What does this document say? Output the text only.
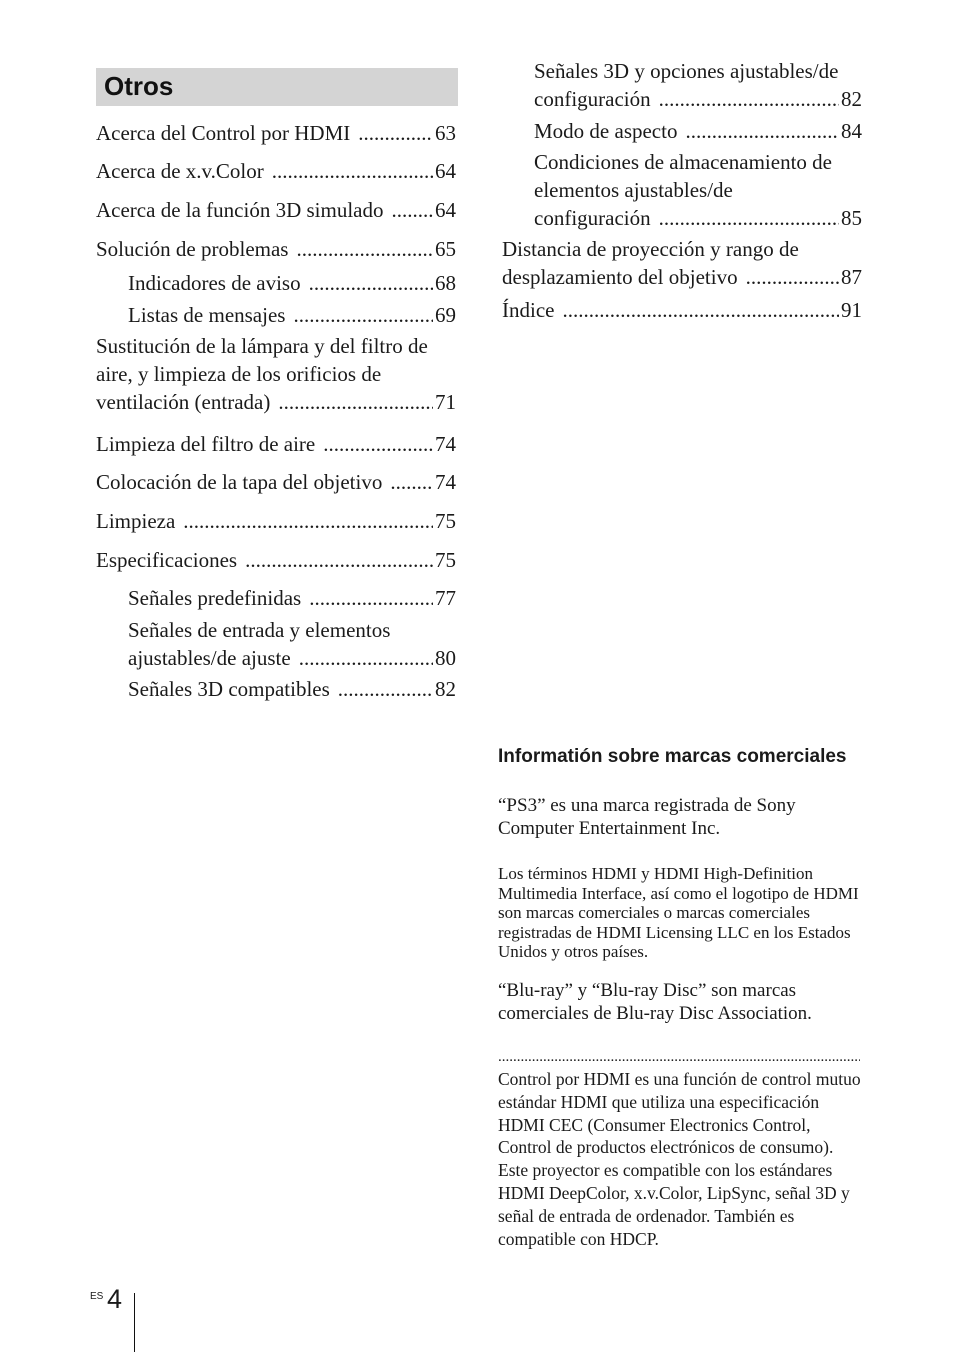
Otros
Acerca del Control por HDMI .....	63
Acerca de x.v.Color .....	64
Acerca de la función 3D simulado ..... 64
Solución de problemas .....	65
Indicadores de aviso .....	68
Listas de mensajes .....	69
Sustitución de la lámpara y del filtro de
aire, y limpieza de los orificios de
ventilación (entrada) .....	71
Limpieza del filtro de aire .....	74
Colocación de la tapa del objetivo .....	74
Limpieza .....	75
Especificaciones .....	75
Señales predefinidas .....	77
Señales de entrada y elementos
ajustables/de ajuste .....	80
Señales 3D compatibles .....	82
Señales 3D y opciones ajustables/de
configuración .....	82
Modo de aspecto .....	84
Condiciones de almacenamiento de
elementos ajustables/de
configuración .....	85
Distancia de proyección y rango de
desplazamiento del objetivo .....	87
Índice .....	91
Informatión sobre marcas comerciales

“PS3” es una marca registrada de Sony Computer Entertainment Inc.

Los términos HDMI y HDMI High-Definition Multimedia Interface, así como el logotipo de HDMI son marcas comerciales o marcas comerciales registradas de HDMI Licensing LLC en los Estados Unidos y otros países.

“Blu-ray” y “Blu-ray Disc” son marcas comerciales de Blu-ray Disc Association.

.....
Control por HDMI es una función de control mutuo estándar HDMI que utiliza una especificación HDMI CEC (Consumer Electronics Control, Control de productos electrónicos de consumo).
Este proyector es compatible con los estándares HDMI DeepColor, x.v.Color, LipSync, señal 3D y señal de entrada de ordenador. También es compatible con HDCP.
ES 4
